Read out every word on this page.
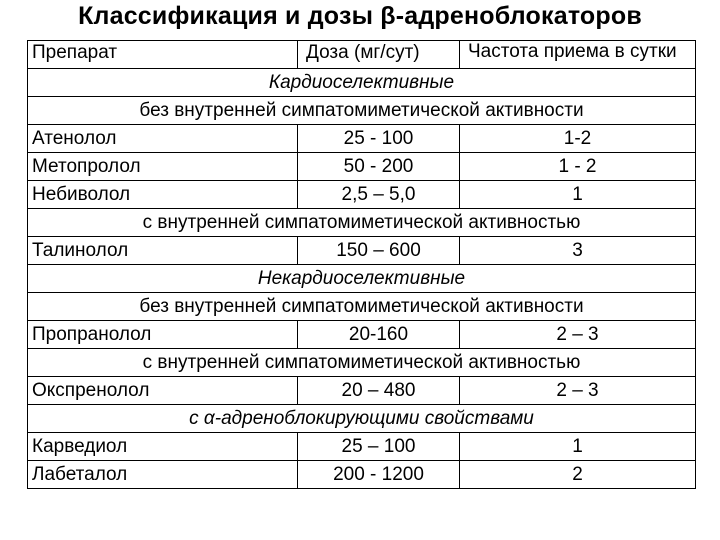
Классификация и дозы β-адреноблокаторов
Препарат	Доза (мг/сут)	Частота приема в сутки
Кардиоселективные		
без внутренней симпатомиметической активности		
Атенолол	25 - 100	1-2
Метопролол	50 - 200	1 - 2
Небиволол	2,5 – 5,0	1
с внутренней симпатомиметической активностью		
Талинолол	150 – 600	3
Некардиоселективные		
без внутренней симпатомиметической активности		
Пропранолол	20-160	2 – 3
с внутренней симпатомиметической активностью		
Окспренолол	20 – 480	2 – 3
с α-адреноблокирующими свойствами		
Карведиол	25 – 100	1
Лабеталол	200 - 1200	2
